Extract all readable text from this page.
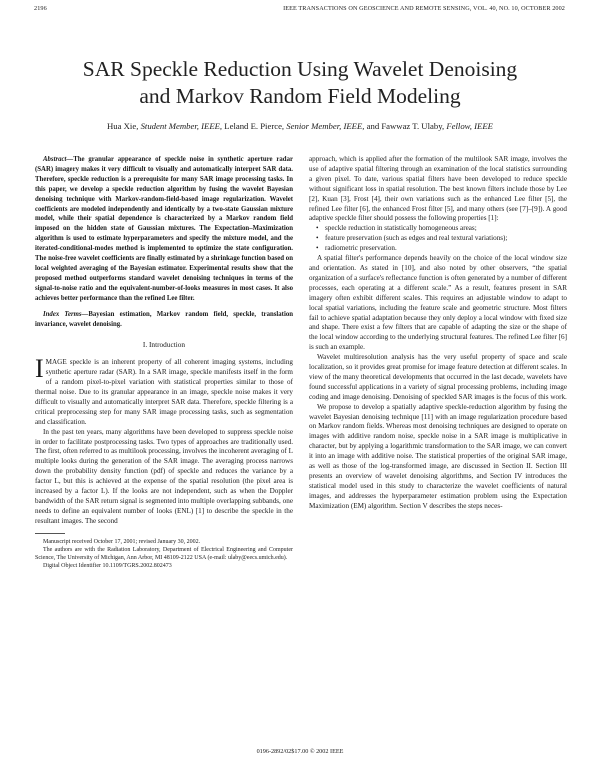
2196	IEEE TRANSACTIONS ON GEOSCIENCE AND REMOTE SENSING, VOL. 40, NO. 10, OCTOBER 2002
SAR Speckle Reduction Using Wavelet Denoising
and Markov Random Field Modeling
Hua Xie, Student Member, IEEE, Leland E. Pierce, Senior Member, IEEE, and Fawwaz T. Ulaby, Fellow, IEEE

Abstract—The granular appearance of speckle noise in synthetic aperture radar (SAR) imagery makes it very difficult to visually and automatically interpret SAR data. Therefore, speckle reduction is a prerequisite for many SAR image processing tasks. In this paper, we develop a speckle reduction algorithm by fusing the wavelet Bayesian denoising technique with Markov-random-field-based image regularization. Wavelet coefficients are modeled independently and identically by a two-state Gaussian mixture model, while their spatial dependence is characterized by a Markov random field imposed on the hidden state of Gaussian mixtures. The Expectation–Maximization algorithm is used to estimate hyperparameters and specify the mixture model, and the iterated-conditional-modes method is implemented to optimize the state configuration. The noise-free wavelet coefficients are finally estimated by a shrinkage function based on local weighted averaging of the Bayesian estimator. Experimental results show that the proposed method outperforms standard wavelet denoising techniques in terms of the signal-to-noise ratio and the equivalent-number-of-looks measures in most cases. It also achieves better performance than the refined Lee filter.

Index Terms—Bayesian estimation, Markov random field, speckle, translation invariance, wavelet denoising.

I. Introduction

IMAGE speckle is an inherent property of all coherent imaging systems, including synthetic aperture radar (SAR). In a SAR image, speckle manifests itself in the form of a random pixel-to-pixel variation with statistical properties similar to those of thermal noise. Due to its granular appearance in an image, speckle noise makes it very difficult to visually and automatically interpret SAR data. Therefore, speckle filtering is a critical preprocessing step for many SAR image processing tasks, such as segmentation and classification.

In the past ten years, many algorithms have been developed to suppress speckle noise in order to facilitate postprocessing tasks. Two types of approaches are traditionally used. The first, often referred to as multilook processing, involves the incoherent averaging of L multiple looks during the generation of the SAR image. The averaging process narrows down the probability density function (pdf) of speckle and reduces the variance by a factor L, but this is achieved at the expense of the spatial resolution (the pixel area is increased by a factor L). If the looks are not independent, such as when the Doppler bandwidth of the SAR return signal is segmented into multiple overlapping subbands, one needs to define an equivalent number of looks (ENL) [1] to describe the speckle in the resultant images. The second

Manuscript received October 17, 2001; revised January 30, 2002.

The authors are with the Radiation Laboratory, Department of Electrical Engineering and Computer Science, The University of Michigan, Ann Arbor, MI 48109-2122 USA (e-mail: ulaby@eecs.umich.edu).

Digital Object Identifier 10.1109/TGRS.2002.802473

approach, which is applied after the formation of the multilook SAR image, involves the use of adaptive spatial filtering through an examination of the local statistics surrounding a given pixel. To date, various spatial filters have been developed to reduce speckle without significant loss in spatial resolution. The best known filters include those by Lee [2], Kuan [3], Frost [4], their own variations such as the enhanced Lee filter [5], the refined Lee filter [6], the enhanced Frost filter [5], and many others (see [7]–[9]). A good adaptive speckle filter should possess the following properties [1]:

• speckle reduction in statistically homogeneous areas;
• feature preservation (such as edges and real textural variations);
• radiometric preservation.

A spatial filter's performance depends heavily on the choice of the local window size and orientation. As stated in [10], and also noted by other observers, “the spatial organization of a surface's reflectance function is often generated by a number of different processes, each operating at a different scale.” As a result, features present in SAR imagery often exhibit different scales. This requires an adjustable window to adapt to local spatial variations, including the feature scale and geometric structure. Most filters fail to achieve spatial adaptation because they only deploy a local window with fixed size and shape. There exist a few filters that are capable of adapting the size or the shape of the local window according to the underlying structural features. The refined Lee filter [6] is such an example.

Wavelet multiresolution analysis has the very useful property of space and scale localization, so it provides great promise for image feature detection at different scales. In view of the many theoretical developments that occurred in the last decade, wavelets have found successful applications in a variety of signal processing problems, including image coding and image denoising. Denoising of speckled SAR images is the focus of this work.

We propose to develop a spatially adaptive speckle-reduction algorithm by fusing the wavelet Bayesian denoising technique [11] with an image regularization procedure based on Markov random fields. Whereas most denoising techniques are designed to operate on images with additive random noise, speckle noise in a SAR image is multiplicative in character, but by applying a logarithmic transformation to the SAR image, we can convert it into an image with additive noise. The statistical properties of the original SAR image, as well as those of the log-transformed image, are discussed in Section II. Section III presents an overview of wavelet denoising algorithms, and Section IV introduces the statistical model used in this study to characterize the wavelet coefficients of natural images, and addresses the hyperparameter estimation problem using the Expectation Maximization (EM) algorithm. Section V describes the steps neces-

0196-2892/02$17.00 © 2002 IEEE
